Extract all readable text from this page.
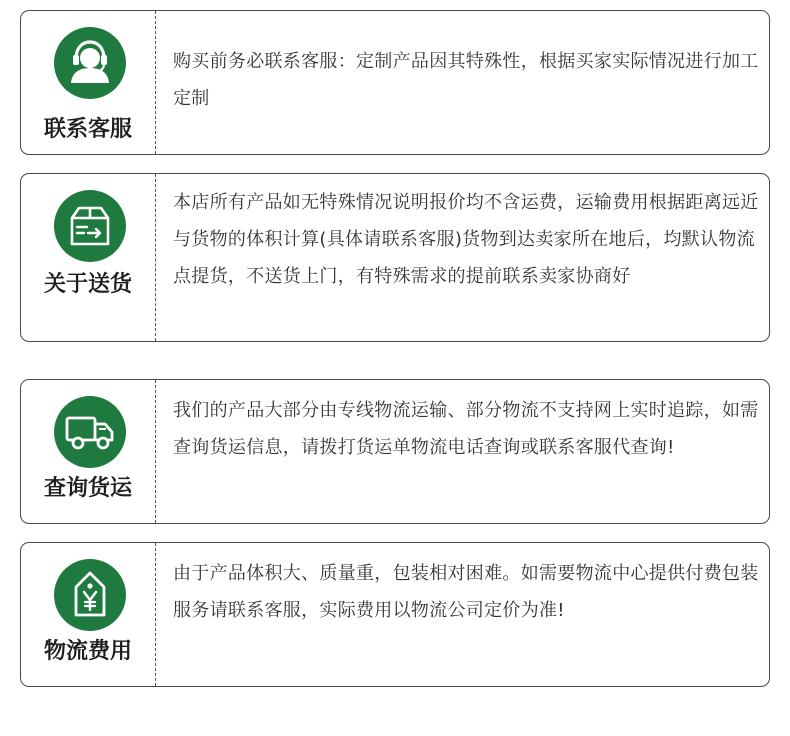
联系客服
购买前务必联系客服：定制产品因其特殊性，根据买家实际情况进行加工定制
关于送货
本店所有产品如无特殊情况说明报价均不含运费，运输费用根据距离远近与货物的体积计算(具体请联系客服)货物到达卖家所在地后，均默认物流点提货，不送货上门，有特殊需求的提前联系卖家协商好
查询货运
我们的产品大部分由专线物流运输、部分物流不支持网上实时追踪，如需查询货运信息，请拨打货运单物流电话查询或联系客服代查询!
物流费用
由于产品体积大、质量重，包装相对困难。如需要物流中心提供付费包装服务请联系客服，实际费用以物流公司定价为准!
